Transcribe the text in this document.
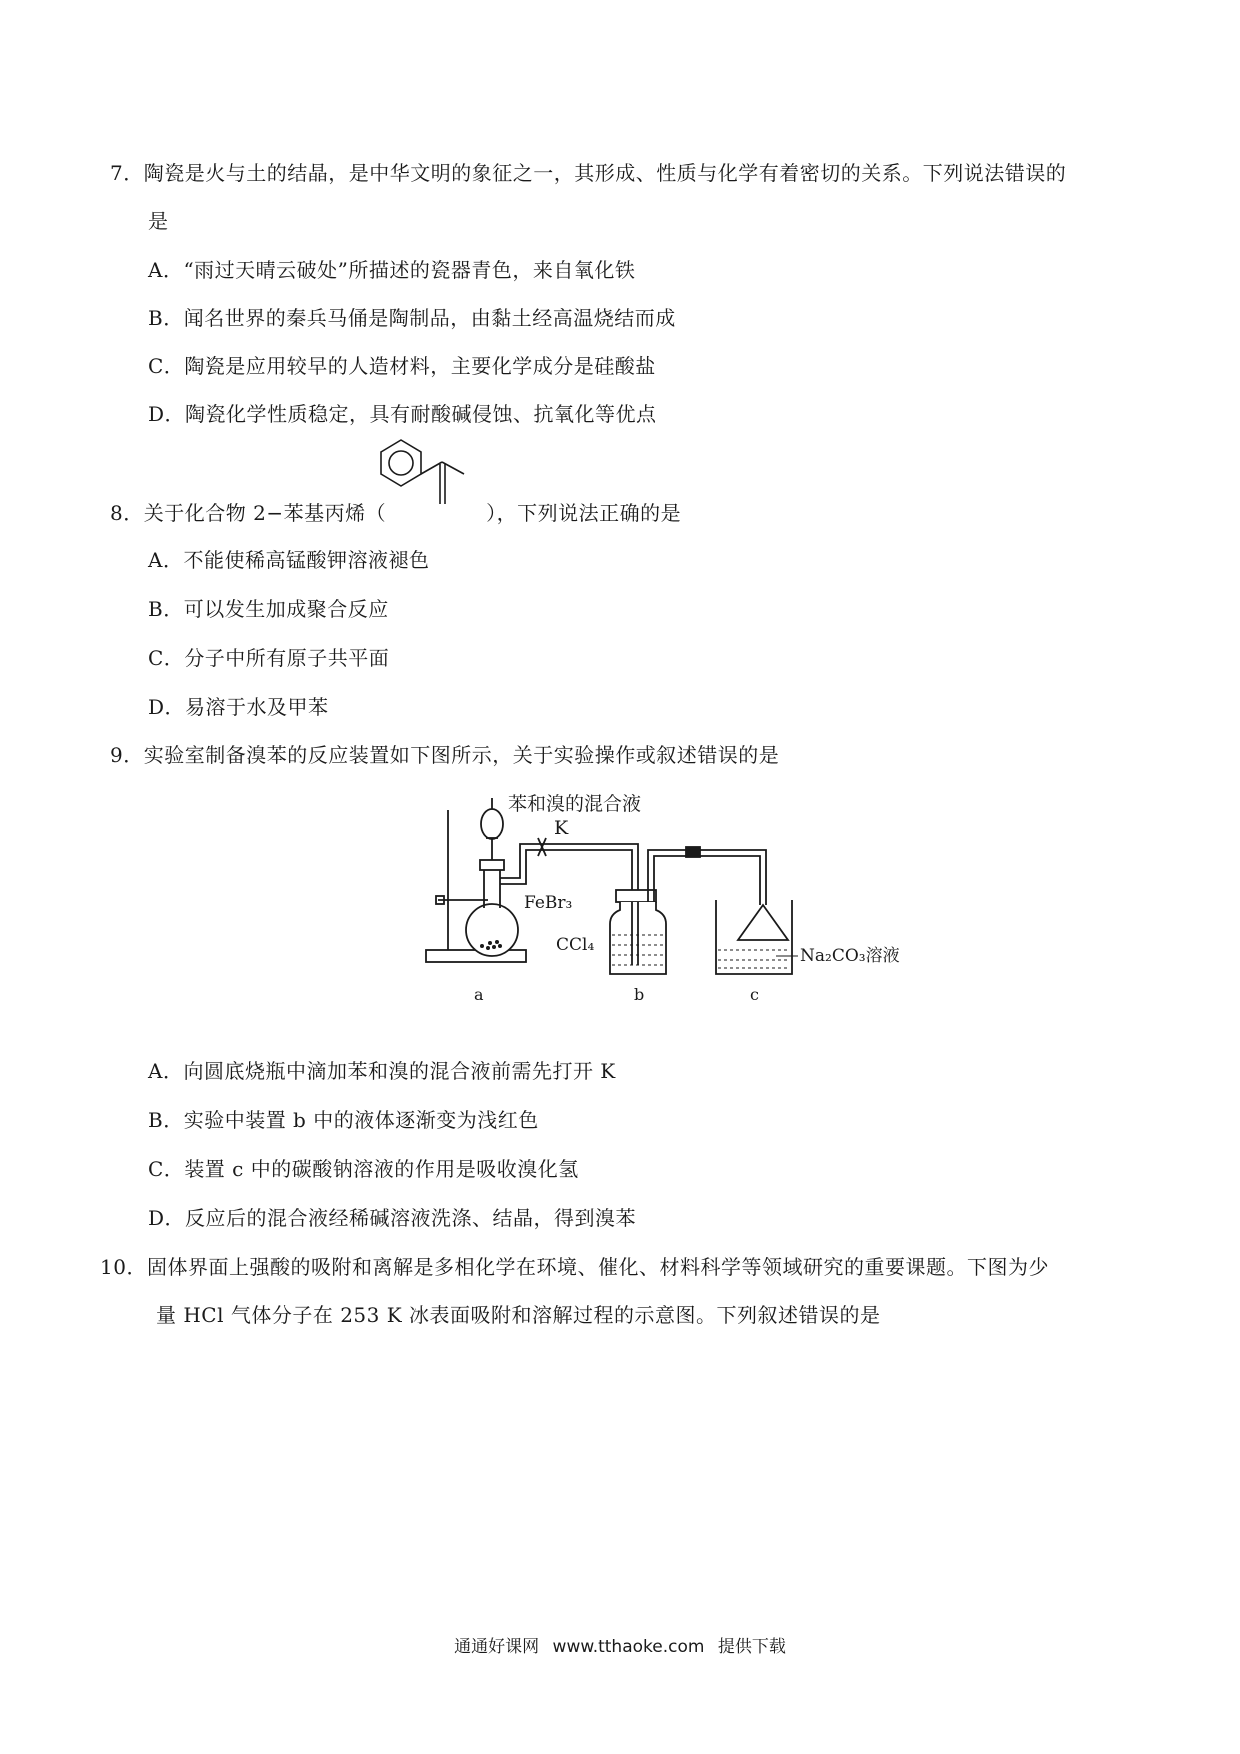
7．陶瓷是火与土的结晶，是中华文明的象征之一，其形成、性质与化学有着密切的关系。下列说法错误的
是
A．“雨过天晴云破处”所描述的瓷器青色，来自氧化铁
B．闻名世界的秦兵马俑是陶制品，由黏土经高温烧结而成
C．陶瓷是应用较早的人造材料，主要化学成分是硅酸盐
D．陶瓷化学性质稳定，具有耐酸碱侵蚀、抗氧化等优点
8．关于化合物 2−苯基丙烯（	），下列说法正确的是
A．不能使稀高锰酸钾溶液褪色
B．可以发生加成聚合反应
C．分子中所有原子共平面
D．易溶于水及甲苯
9．实验室制备溴苯的反应装置如下图所示，关于实验操作或叙述错误的是
苯和溴的混合液
K
FeBr₃
CCl₄
Na₂CO₃溶液
a	b	c
A．向圆底烧瓶中滴加苯和溴的混合液前需先打开 K
B．实验中装置 b 中的液体逐渐变为浅红色
C．装置 c 中的碳酸钠溶液的作用是吸收溴化氢
D．反应后的混合液经稀碱溶液洗涤、结晶，得到溴苯
10．固体界面上强酸的吸附和离解是多相化学在环境、催化、材料科学等领域研究的重要课题。下图为少
量 HCl 气体分子在 253 K 冰表面吸附和溶解过程的示意图。下列叙述错误的是
通通好课网 www.tthaoke.com 提供下载
